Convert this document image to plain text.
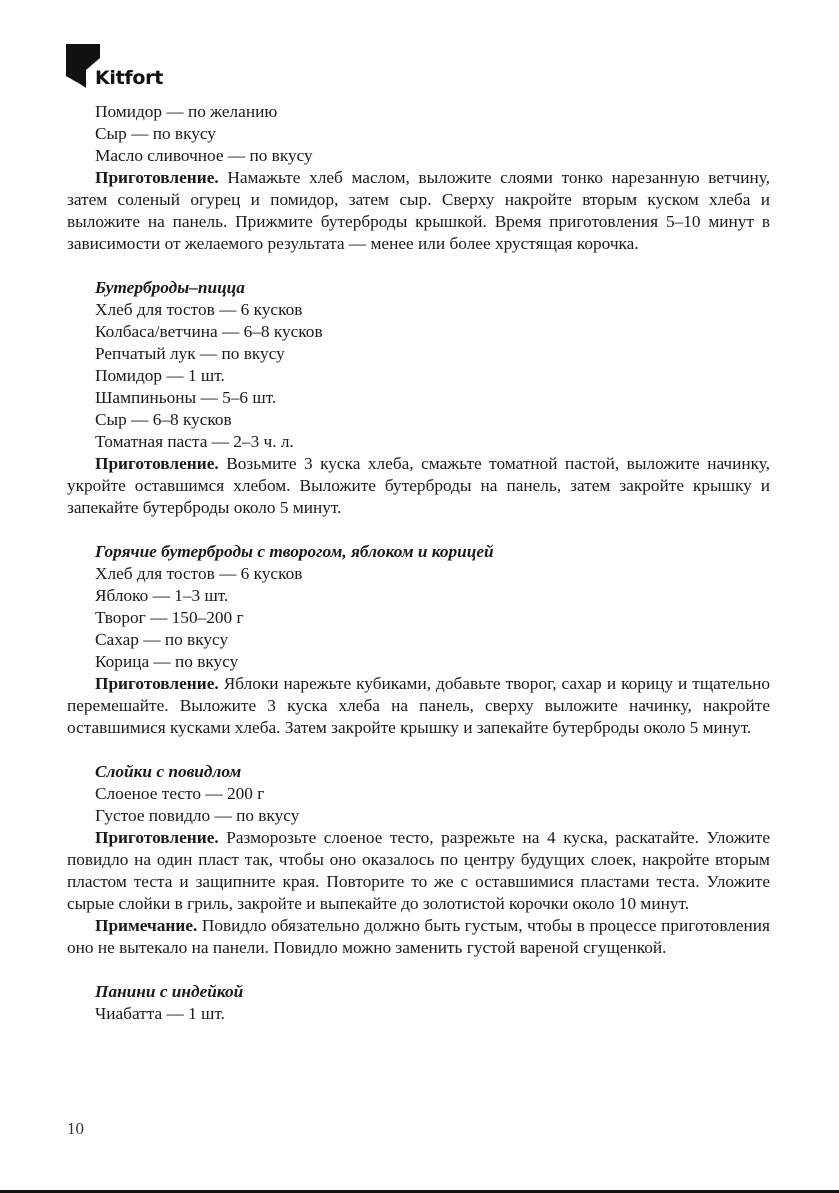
Kitfort

Помидор — по желанию

Сыр — по вкусу

Масло сливочное — по вкусу

Приготовление. Намажьте хлеб маслом, выложите слоями тонко нарезанную ветчину, затем соленый огурец и помидор, затем сыр. Сверху накройте вторым куском хлеба и выложите на панель. Прижмите бутерброды крышкой. Время приготовления 5–10 минут в зависимости от желаемого результата — менее или более хрустящая корочка.

Бутерброды–пицца

Хлеб для тостов — 6 кусков

Колбаса/ветчина — 6–8 кусков

Репчатый лук — по вкусу

Помидор — 1 шт.

Шампиньоны — 5–6 шт.

Сыр — 6–8 кусков

Томатная паста — 2–3 ч. л.

Приготовление. Возьмите 3 куска хлеба, смажьте томатной пастой, выложите начинку, укройте оставшимся хлебом. Выложите бутерброды на панель, затем закройте крышку и запекайте бутерброды около 5 минут.

Горячие бутерброды с творогом, яблоком и корицей

Хлеб для тостов — 6 кусков

Яблоко — 1–3 шт.

Творог — 150–200 г

Сахар — по вкусу

Корица — по вкусу

Приготовление. Яблоки нарежьте кубиками, добавьте творог, сахар и корицу и тщательно перемешайте. Выложите 3 куска хлеба на панель, сверху выложите начинку, накройте оставшимися кусками хлеба. Затем закройте крышку и запекайте бутерброды около 5 минут.

Слойки с повидлом

Слоеное тесто — 200 г

Густое повидло — по вкусу

Приготовление. Разморозьте слоеное тесто, разрежьте на 4 куска, раскатайте. Уложите повидло на один пласт так, чтобы оно оказалось по центру будущих слоек, накройте вторым пластом теста и защипните края. Повторите то же с оставшимися пластами теста. Уложите сырые слойки в гриль, закройте и выпекайте до золотистой корочки около 10 минут.

Примечание. Повидло обязательно должно быть густым, чтобы в процессе приготовления оно не вытекало на панели. Повидло можно заменить густой вареной сгущенкой.

Панини с индейкой

Чиабатта — 1 шт.

10
